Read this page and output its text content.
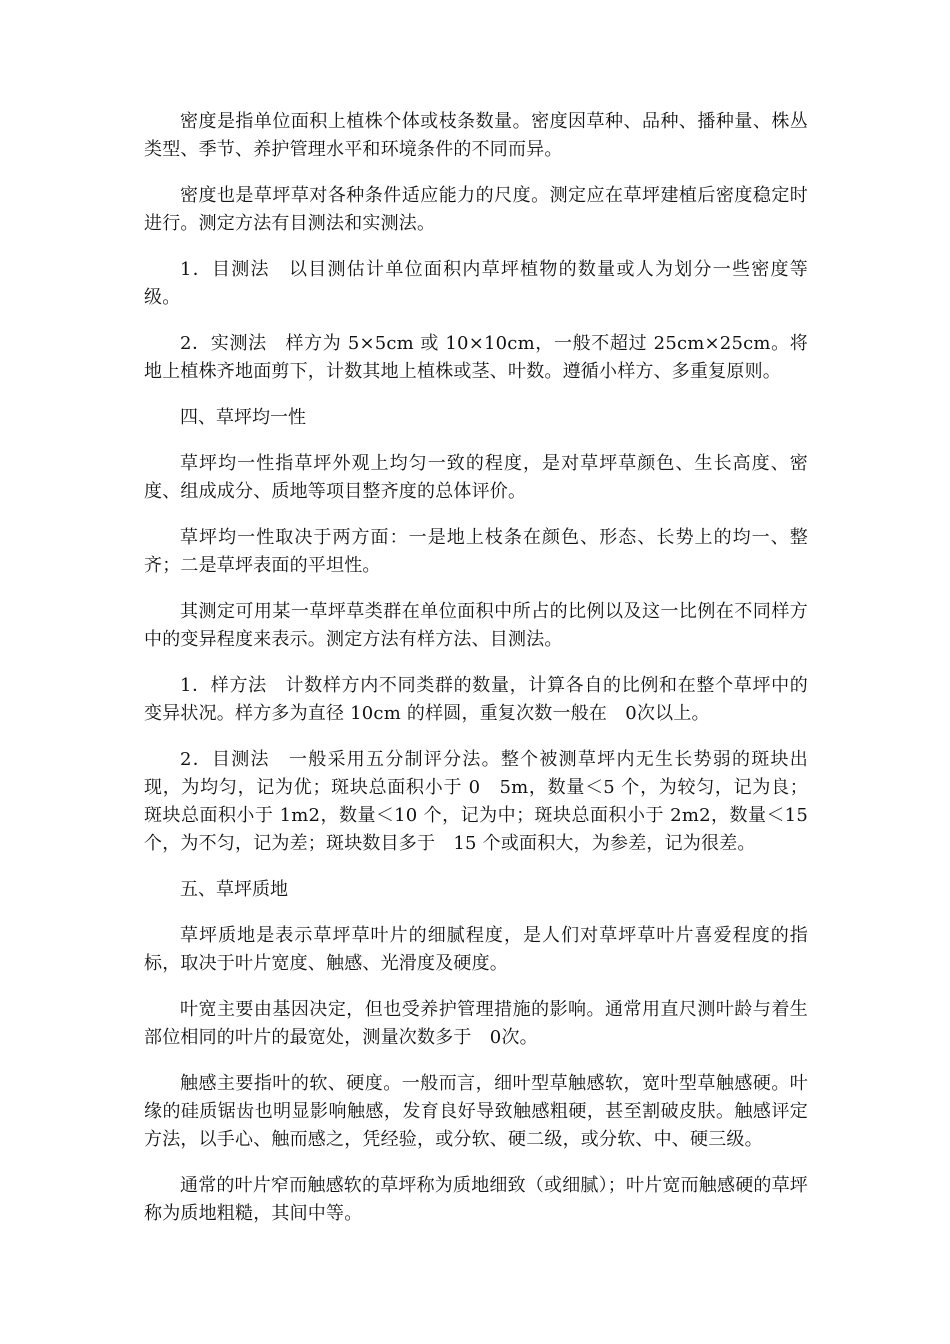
密度是指单位面积上植株个体或枝条数量。密度因草种、品种、播种量、株丛类型、季节、养护管理水平和环境条件的不同而异。

密度也是草坪草对各种条件适应能力的尺度。测定应在草坪建植后密度稳定时进行。测定方法有目测法和实测法。

1．目测法　以目测估计单位面积内草坪植物的数量或人为划分一些密度等级。

2．实测法　样方为 5×5cm 或 10×10cm，一般不超过 25cm×25cm。将地上植株齐地面剪下，计数其地上植株或茎、叶数。遵循小样方、多重复原则。

四、草坪均一性

草坪均一性指草坪外观上均匀一致的程度，是对草坪草颜色、生长高度、密度、组成成分、质地等项目整齐度的总体评价。

草坪均一性取决于两方面：一是地上枝条在颜色、形态、长势上的均一、整齐；二是草坪表面的平坦性。

其测定可用某一草坪草类群在单位面积中所占的比例以及这一比例在不同样方中的变异程度来表示。测定方法有样方法、目测法。

1．样方法　计数样方内不同类群的数量，计算各自的比例和在整个草坪中的变异状况。样方多为直径 10cm 的样圆，重复次数一般在　0次以上。

2．目测法　一般采用五分制评分法。整个被测草坪内无生长势弱的斑块出现，为均匀，记为优；斑块总面积小于 0　5m，数量＜5 个，为较匀，记为良；斑块总面积小于 1m2，数量＜10 个，记为中；斑块总面积小于 2m2，数量＜15 个，为不匀，记为差；斑块数目多于　15 个或面积大，为参差，记为很差。

五、草坪质地

草坪质地是表示草坪草叶片的细腻程度，是人们对草坪草叶片喜爱程度的指标，取决于叶片宽度、触感、光滑度及硬度。

叶宽主要由基因决定，但也受养护管理措施的影响。通常用直尺测叶龄与着生部位相同的叶片的最宽处，测量次数多于　0次。

触感主要指叶的软、硬度。一般而言，细叶型草触感软，宽叶型草触感硬。叶缘的硅质锯齿也明显影响触感，发育良好导致触感粗硬，甚至割破皮肤。触感评定方法，以手心、触而感之，凭经验，或分软、硬二级，或分软、中、硬三级。

通常的叶片窄而触感软的草坪称为质地细致（或细腻）；叶片宽而触感硬的草坪称为质地粗糙，其间中等。
